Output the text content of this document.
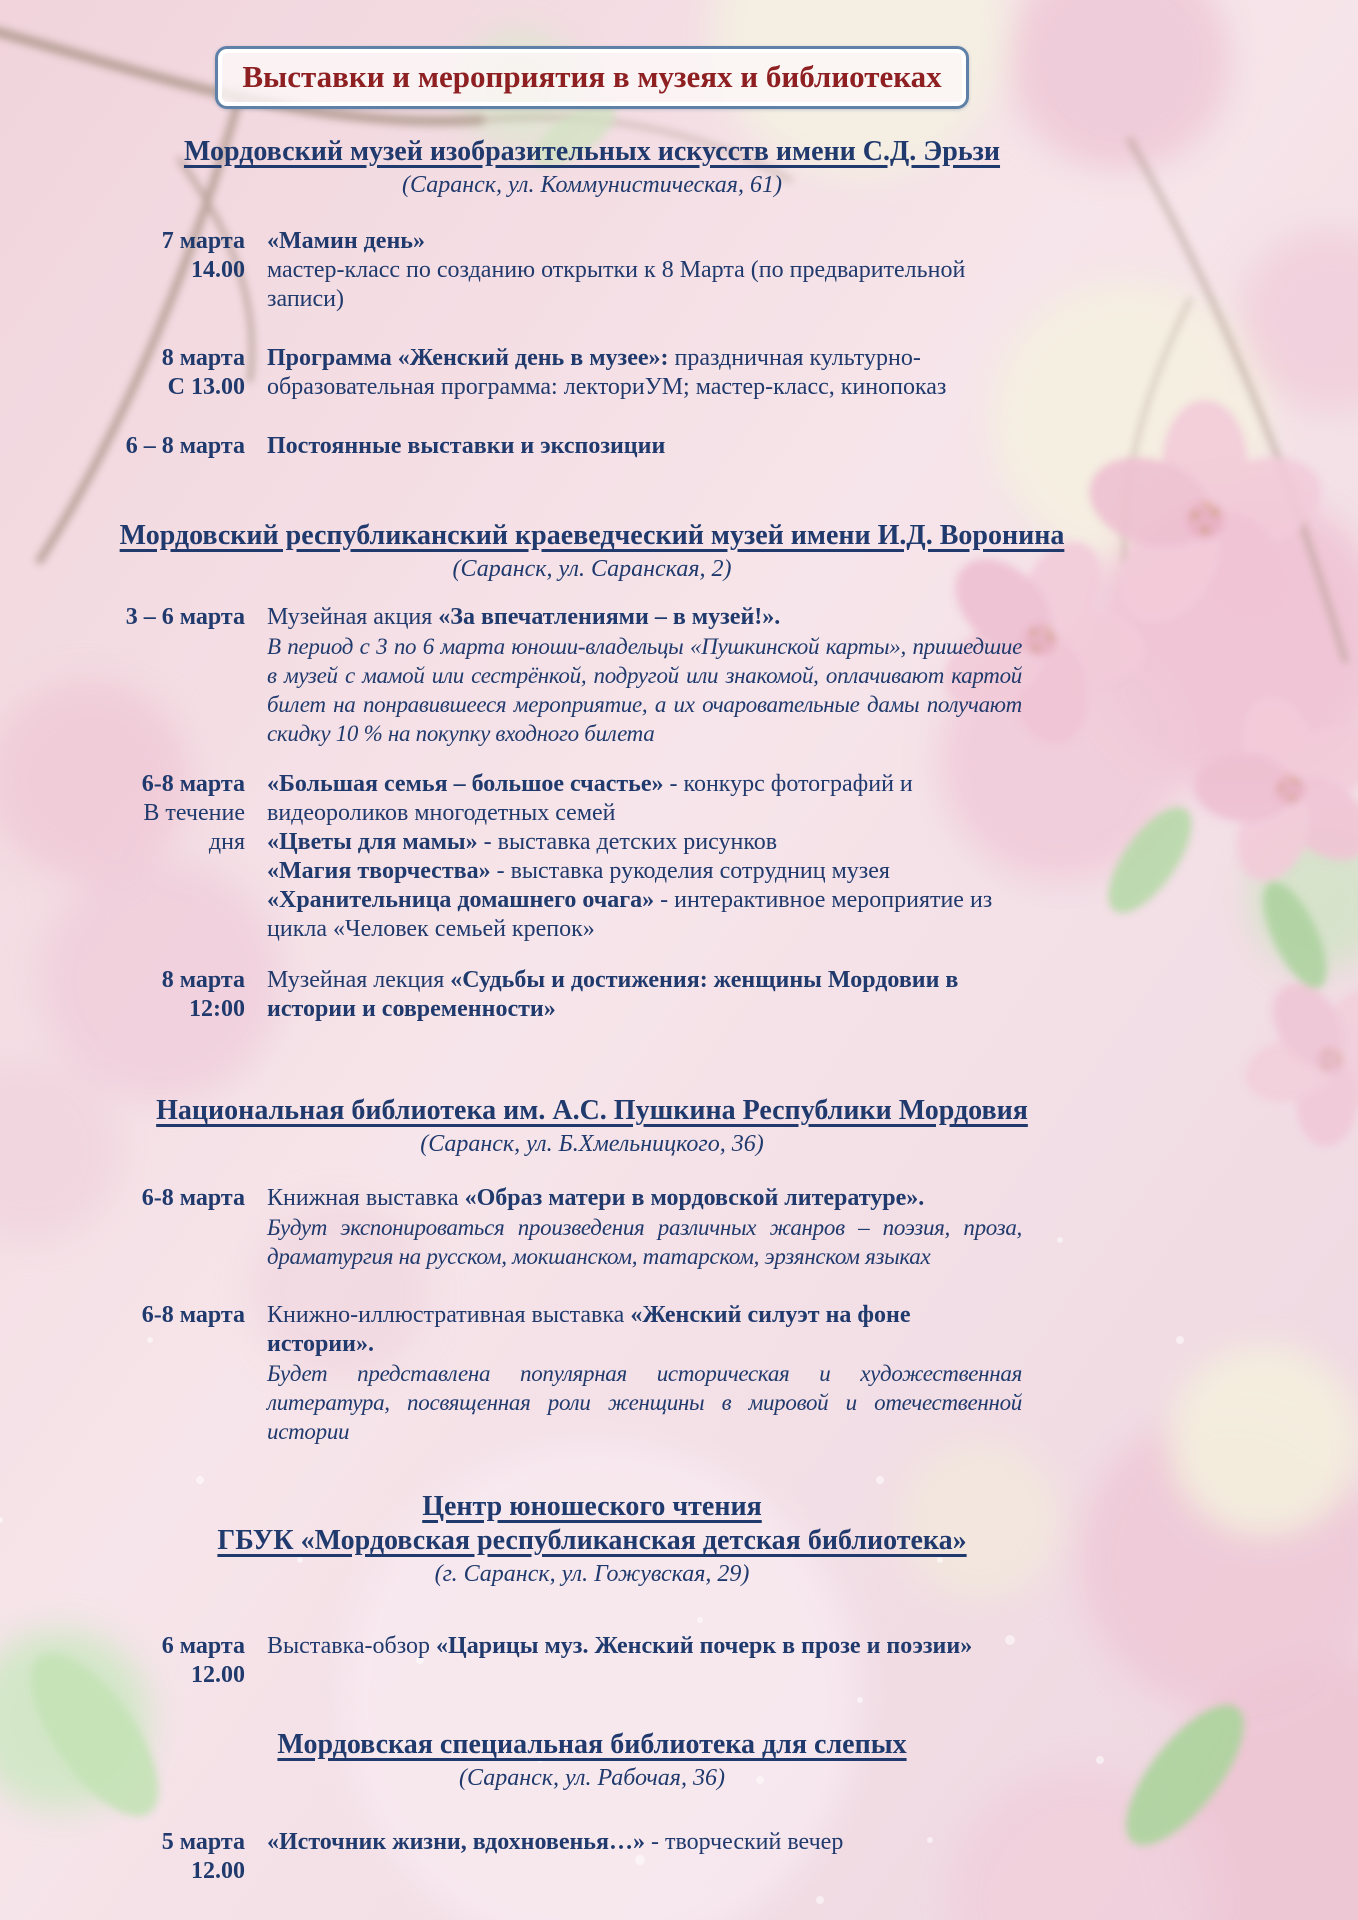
Выставки и мероприятия в музеях и библиотеках
Мордовский музей изобразительных искусств имени С.Д. Эрьзи
(Саранск, ул. Коммунистическая, 61)
7 марта
14.00
«Мамин день»
мастер-класс по созданию открытки к 8 Марта (по предварительной записи)
8 марта
С 13.00
Программа «Женский день в музее»: праздничная культурно-образовательная программа: лекториУМ; мастер-класс, кинопоказ
6 – 8 марта Постоянные выставки и экспозиции
Мордовский республиканский краеведческий музей имени И.Д. Воронина
(Саранск, ул. Саранская, 2)
3 – 6 марта Музейная акция «За впечатлениями – в музей!».
В период с 3 по 6 марта юноши-владельцы «Пушкинской карты», пришедшие в музей с мамой или сестрёнкой, подругой или знакомой, оплачивают картой билет на понравившееся мероприятие, а их очаровательные дамы получают скидку 10 % на покупку входного билета
6-8 марта
В течение
дня
«Большая семья – большое счастье» - конкурс фотографий и видеороликов многодетных семей
«Цветы для мамы» - выставка детских рисунков
«Магия творчества» - выставка рукоделия сотрудниц музея
«Хранительница домашнего очага» - интерактивное мероприятие из цикла «Человек семьей крепок»
8 марта
12:00
Музейная лекция «Судьбы и достижения: женщины Мордовии в истории и современности»
Национальная библиотека им. А.С. Пушкина Республики Мордовия
(Саранск, ул. Б.Хмельницкого, 36)
6-8 марта Книжная выставка «Образ матери в мордовской литературе».
Будут экспонироваться произведения различных жанров – поэзия, проза, драматургия на русском, мокшанском, татарском, эрзянском языках
6-8 марта Книжно-иллюстративная выставка «Женский силуэт на фоне истории».
Будет представлена популярная историческая и художественная литература, посвященная роли женщины в мировой и отечественной истории
Центр юношеского чтения
ГБУК «Мордовская республиканская детская библиотека»
(г. Саранск, ул. Гожувская, 29)
6 марта
12.00
Выставка-обзор «Царицы муз. Женский почерк в прозе и поэзии»
Мордовская специальная библиотека для слепых
(Саранск, ул. Рабочая, 36)
5 марта
12.00
«Источник жизни, вдохновенья…» - творческий вечер
